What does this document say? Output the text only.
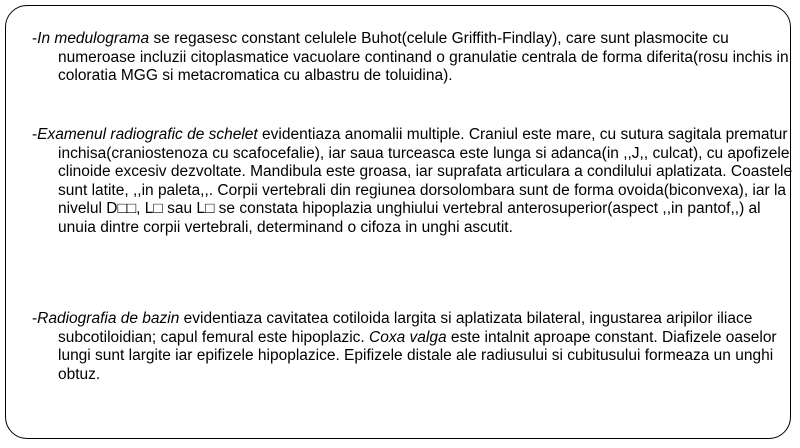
-In medulograma se regasesc constant celulele Buhot(celule Griffith-Findlay), care sunt plasmocite cu numeroase incluzii citoplasmatice vacuolare continand o granulatie centrala de forma diferita(rosu inchis in coloratia MGG si metacromatica cu albastru de toluidina).

-Examenul radiografic de schelet evidentiaza anomalii multiple. Craniul este mare, cu sutura sagitala prematur inchisa(craniostenoza cu scafocefalie), iar saua turceasca este lunga si adanca(in ,,J,, culcat), cu apofizele clinoide excesiv dezvoltate. Mandibula este groasa, iar suprafata articulara a condilului aplatizata. Coastele sunt latite, ,,in paleta,,. Corpii vertebrali din regiunea dorsolombara sunt de forma ovoida(biconvexa), iar la nivelul D□□, L□ sau L□ se constata hipoplazia unghiului vertebral anterosuperior(aspect ,,in pantof,,) al unuia dintre corpii vertebrali, determinand o cifoza in unghi ascutit.

-Radiografia de bazin evidentiaza cavitatea cotiloida largita si aplatizata bilateral, ingustarea aripilor iliace subcotiloidian; capul femural este hipoplazic. Coxa valga este intalnit aproape constant. Diafizele oaselor lungi sunt largite iar epifizele hipoplazice. Epifizele distale ale radiusului si cubitusului formeaza un unghi obtuz.
